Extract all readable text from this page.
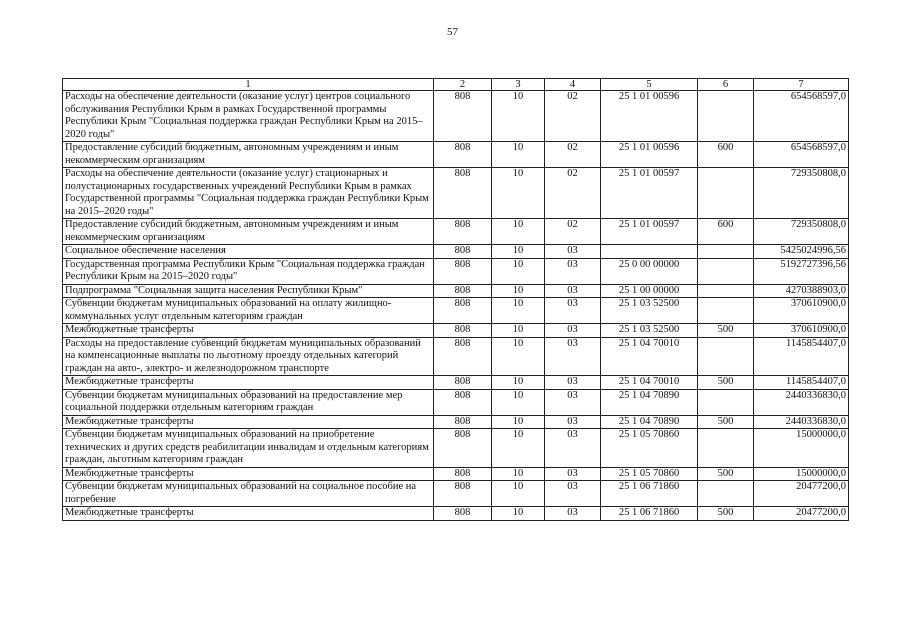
57
1	2	3	4	5	6	7
Расходы на обеспечение деятельности (оказание услуг) центров социального обслуживания Республики Крым в рамках Государственной программы Республики Крым "Социальная поддержка граждан Республики Крым на 2015–2020 годы"	808	10	02	25 1 01 00596		654568597,0
Предоставление субсидий бюджетным, автономным учреждениям и иным некоммерческим организациям	808	10	02	25 1 01 00596	600	654568597,0
Расходы на обеспечение деятельности (оказание услуг) стационарных и полустационарных государственных учреждений Республики Крым в рамках Государственной программы "Социальная поддержка граждан Республики Крым на 2015–2020 годы"	808	10	02	25 1 01 00597		729350808,0
Предоставление субсидий бюджетным, автономным учреждениям и иным некоммерческим организациям	808	10	02	25 1 01 00597	600	729350808,0
Социальное обеспечение населения	808	10	03			5425024996,56
Государственная программа Республики Крым "Социальная поддержка граждан Республики Крым на 2015–2020 годы"	808	10	03	25 0 00 00000		5192727396,56
Подпрограмма "Социальная защита населения Республики Крым"	808	10	03	25 1 00 00000		4270388903,0
Субвенции бюджетам муниципальных образований на оплату жилищно-коммунальных услуг отдельным категориям граждан	808	10	03	25 1 03 52500		370610900,0
Межбюджетные трансферты	808	10	03	25 1 03 52500	500	370610900,0
Расходы на предоставление субвенций бюджетам муниципальных образований на компенсационные выплаты по льготному проезду отдельных категорий граждан на авто-, электро- и железнодорожном транспорте	808	10	03	25 1 04 70010		1145854407,0
Межбюджетные трансферты	808	10	03	25 1 04 70010	500	1145854407,0
Субвенции бюджетам муниципальных образований на предоставление мер социальной поддержки отдельным категориям граждан	808	10	03	25 1 04 70890		2440336830,0
Межбюджетные трансферты	808	10	03	25 1 04 70890	500	2440336830,0
Субвенции бюджетам муниципальных образований на приобретение технических и других средств реабилитации инвалидам и отдельным категориям граждан, льготным категориям граждан	808	10	03	25 1 05 70860		15000000,0
Межбюджетные трансферты	808	10	03	25 1 05 70860	500	15000000,0
Субвенции бюджетам муниципальных образований на социальное пособие на погребение	808	10	03	25 1 06 71860		20477200,0
Межбюджетные трансферты	808	10	03	25 1 06 71860	500	20477200,0
